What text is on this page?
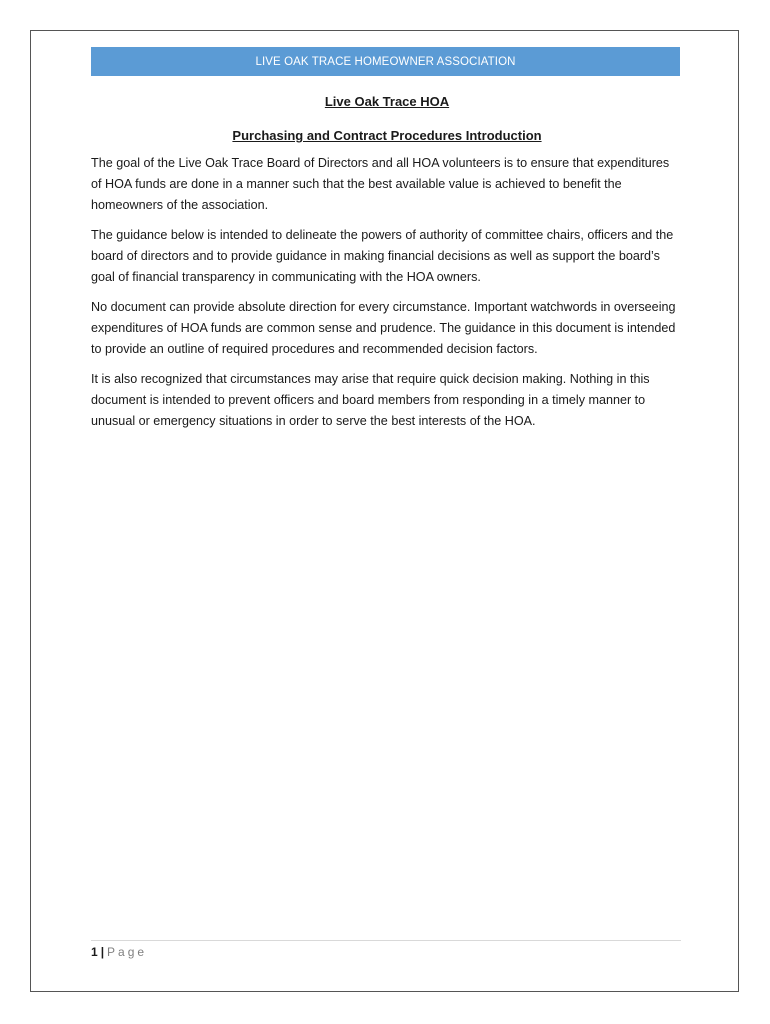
LIVE OAK TRACE HOMEOWNER ASSOCIATION

Live Oak Trace HOA

Purchasing and Contract Procedures Introduction

The goal of the Live Oak Trace Board of Directors and all HOA volunteers is to ensure that expenditures of HOA funds are done in a manner such that the best available value is achieved to benefit the homeowners of the association.

The guidance below is intended to delineate the powers of authority of committee chairs, officers and the board of directors and to provide guidance in making financial decisions as well as support the board’s goal of financial transparency in communicating with the HOA owners.

No document can provide absolute direction for every circumstance. Important watchwords in overseeing expenditures of HOA funds are common sense and prudence. The guidance in this document is intended to provide an outline of required procedures and recommended decision factors.

It is also recognized that circumstances may arise that require quick decision making. Nothing in this document is intended to prevent officers and board members from responding in a timely manner to unusual or emergency situations in order to serve the best interests of the HOA.

1 | Page
